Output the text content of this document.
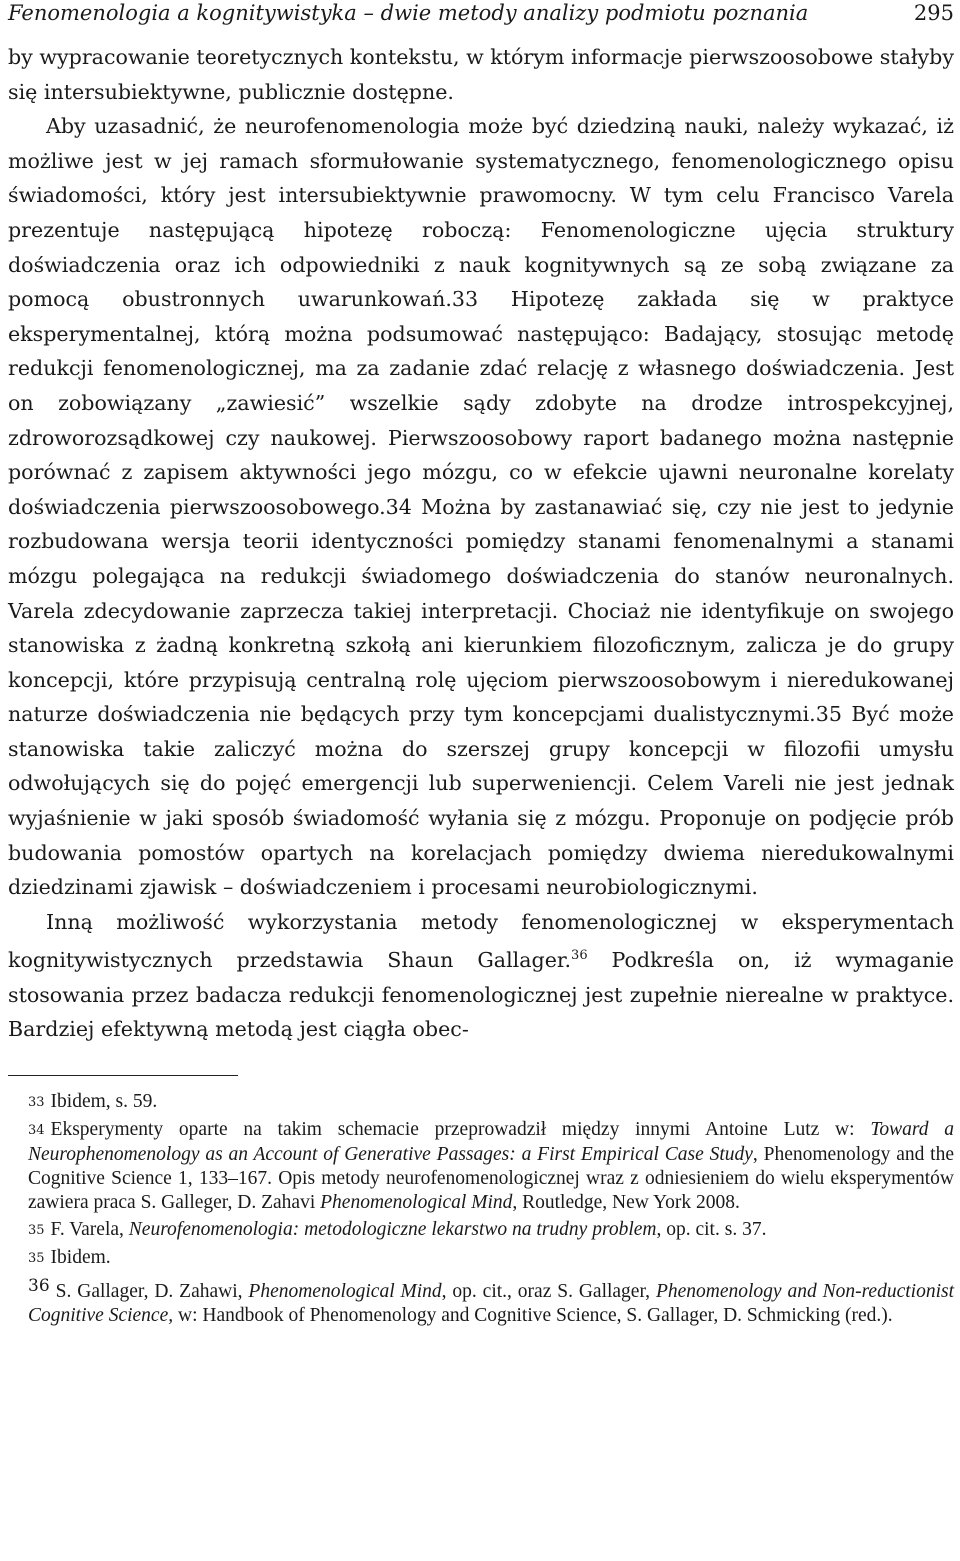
Fenomenologia a kognitywistyka – dwie metody analizy podmiotu poznania	295

by wypracowanie teoretycznych kontekstu, w którym informacje pierwszoosobowe stałyby się intersubiektywne, publicznie dostępne.

Aby uzasadnić, że neurofenomenologia może być dziedziną nauki, należy wykazać, iż możliwe jest w jej ramach sformułowanie systematycznego, fenomenologicznego opisu świadomości, który jest intersubiektywnie prawomocny. W tym celu Francisco Varela prezentuje następującą hipotezę roboczą: Fenomenologiczne ujęcia struktury doświadczenia oraz ich odpowiedniki z nauk kognitywnych są ze sobą związane za pomocą obustronnych uwarunkowań.33 Hipotezę zakłada się w praktyce eksperymentalnej, którą można podsumować następująco: Badający, stosując metodę redukcji fenomenologicznej, ma za zadanie zdać relację z własnego doświadczenia. Jest on zobowiązany „zawiesić” wszelkie sądy zdobyte na drodze introspekcyjnej, zdroworozsądkowej czy naukowej. Pierwszoosobowy raport badanego można następnie porównać z zapisem aktywności jego mózgu, co w efekcie ujawni neuronalne korelaty doświadczenia pierwszoosobowego.34 Można by zastanawiać się, czy nie jest to jedynie rozbudowana wersja teorii identyczności pomiędzy stanami fenomenalnymi a stanami mózgu polegająca na redukcji świadomego doświadczenia do stanów neuronalnych. Varela zdecydowanie zaprzecza takiej interpretacji. Chociaż nie identyfikuje on swojego stanowiska z żadną konkretną szkołą ani kierunkiem filozoficznym, zalicza je do grupy koncepcji, które przypisują centralną rolę ujęciom pierwszoosobowym i nieredukowanej naturze doświadczenia nie będących przy tym koncepcjami dualistycznymi.35 Być może stanowiska takie zaliczyć można do szerszej grupy koncepcji w filozofii umysłu odwołujących się do pojęć emergencji lub superweniencji. Celem Vareli nie jest jednak wyjaśnienie w jaki sposób świadomość wyłania się z mózgu. Proponuje on podjęcie prób budowania pomostów opartych na korelacjach pomiędzy dwiema nieredukowalnymi dziedzinami zjawisk – doświadczeniem i procesami neurobiologicznymi.

Inną możliwość wykorzystania metody fenomenologicznej w eksperymentach kognitywistycznych przedstawia Shaun Gallager.$^{36}$ Podkreśla on, iż wymaganie stosowania przez badacza redukcji fenomenologicznej jest zupełnie nierealne w praktyce. Bardziej efektywną metodą jest ciągła obec-

33 Ibidem, s. 59.

34 Eksperymenty oparte na takim schemacie przeprowadził między innymi Antoine Lutz w: Toward a Neurophenomenology as an Account of Generative Passages: a First Empirical Case Study, Phenomenology and the Cognitive Science 1, 133–167. Opis metody neurofenomenologicznej wraz z odniesieniem do wielu eksperymentów zawiera praca S. Galleger, D. Zahavi Phenomenological Mind, Routledge, New York 2008.

35 F. Varela, Neurofenomenologia: metodologiczne lekarstwo na trudny problem, op. cit. s. 37.

35 Ibidem.

36 S. Gallager, D. Zahawi, Phenomenological Mind, op. cit., oraz S. Gallager, Phenomenology and Non-reductionist Cognitive Science, w: Handbook of Phenomenology and Cognitive Science, S. Gallager, D. Schmicking (red.).
